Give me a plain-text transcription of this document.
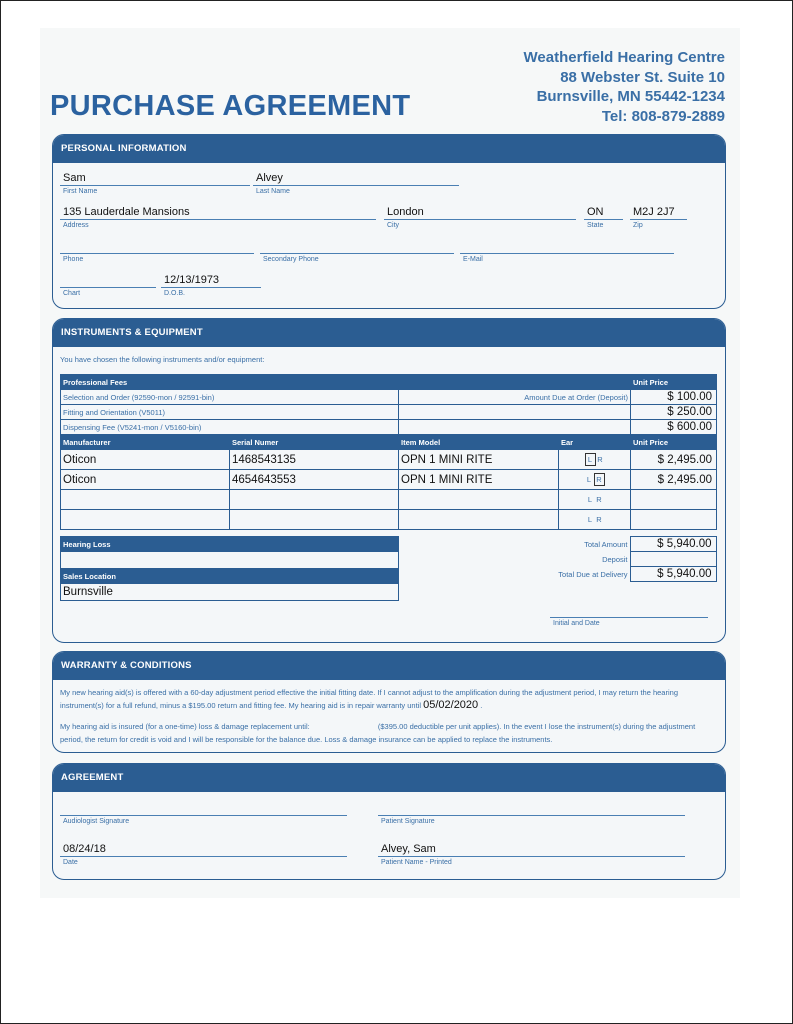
Weatherfield Hearing Centre
88 Webster St. Suite 10
Burnsville, MN 55442-1234
Tel: 808-879-2889
PURCHASE AGREEMENT
PERSONAL INFORMATION
Sam
First Name
Alvey
Last Name
135 Lauderdale Mansions
Address
London
City
ON
State
M2J 2J7
Zip
Phone	Secondary Phone	E-Mail
Chart
12/13/1973
D.O.B.
INSTRUMENTS & EQUIPMENT
You have chosen the following instruments and/or equipment:
Professional Fees				Unit Price
Selection and Order (92590-mon / 92591-bin)		Amount Due at Order (Deposit)		$ 100.00
Fitting and Orientation (V5011)				$ 250.00
Dispensing Fee (V5241-mon / V5160-bin)				$ 600.00
Manufacturer	Serial Numer	Item Model	Ear	Unit Price
Oticon	1468543135	OPN 1 MINI RITE	L R	$ 2,495.00
Oticon	4654643553	OPN 1 MINI RITE	L R	$ 2,495.00
			L R	
			L R	
Hearing Loss

Sales Location
Burnsville
Total Amount	$ 5,940.00
Deposit	
Total Due at Delivery	$ 5,940.00
Initial and Date
WARRANTY & CONDITIONS
My new hearing aid(s) is offered with a 60-day adjustment period effective the initial fitting date. If I cannot adjust to the amplification during the adjustment period, I may return the hearing instrument(s) for a full refund, minus a $195.00 return and fitting fee. My hearing aid is in repair warranty until 05/02/2020 .
My hearing aid is insured (for a one-time) loss & damage replacement until:	($395.00 deductible per unit applies). In the event I lose the instrument(s) during the adjustment period, the return for credit is void and I will be responsible for the balance due. Loss & damage insurance can be applied to replace the instruments.
AGREEMENT
Audiologist Signature	Patient Signature
08/24/18
Date
Alvey, Sam
Patient Name - Printed
